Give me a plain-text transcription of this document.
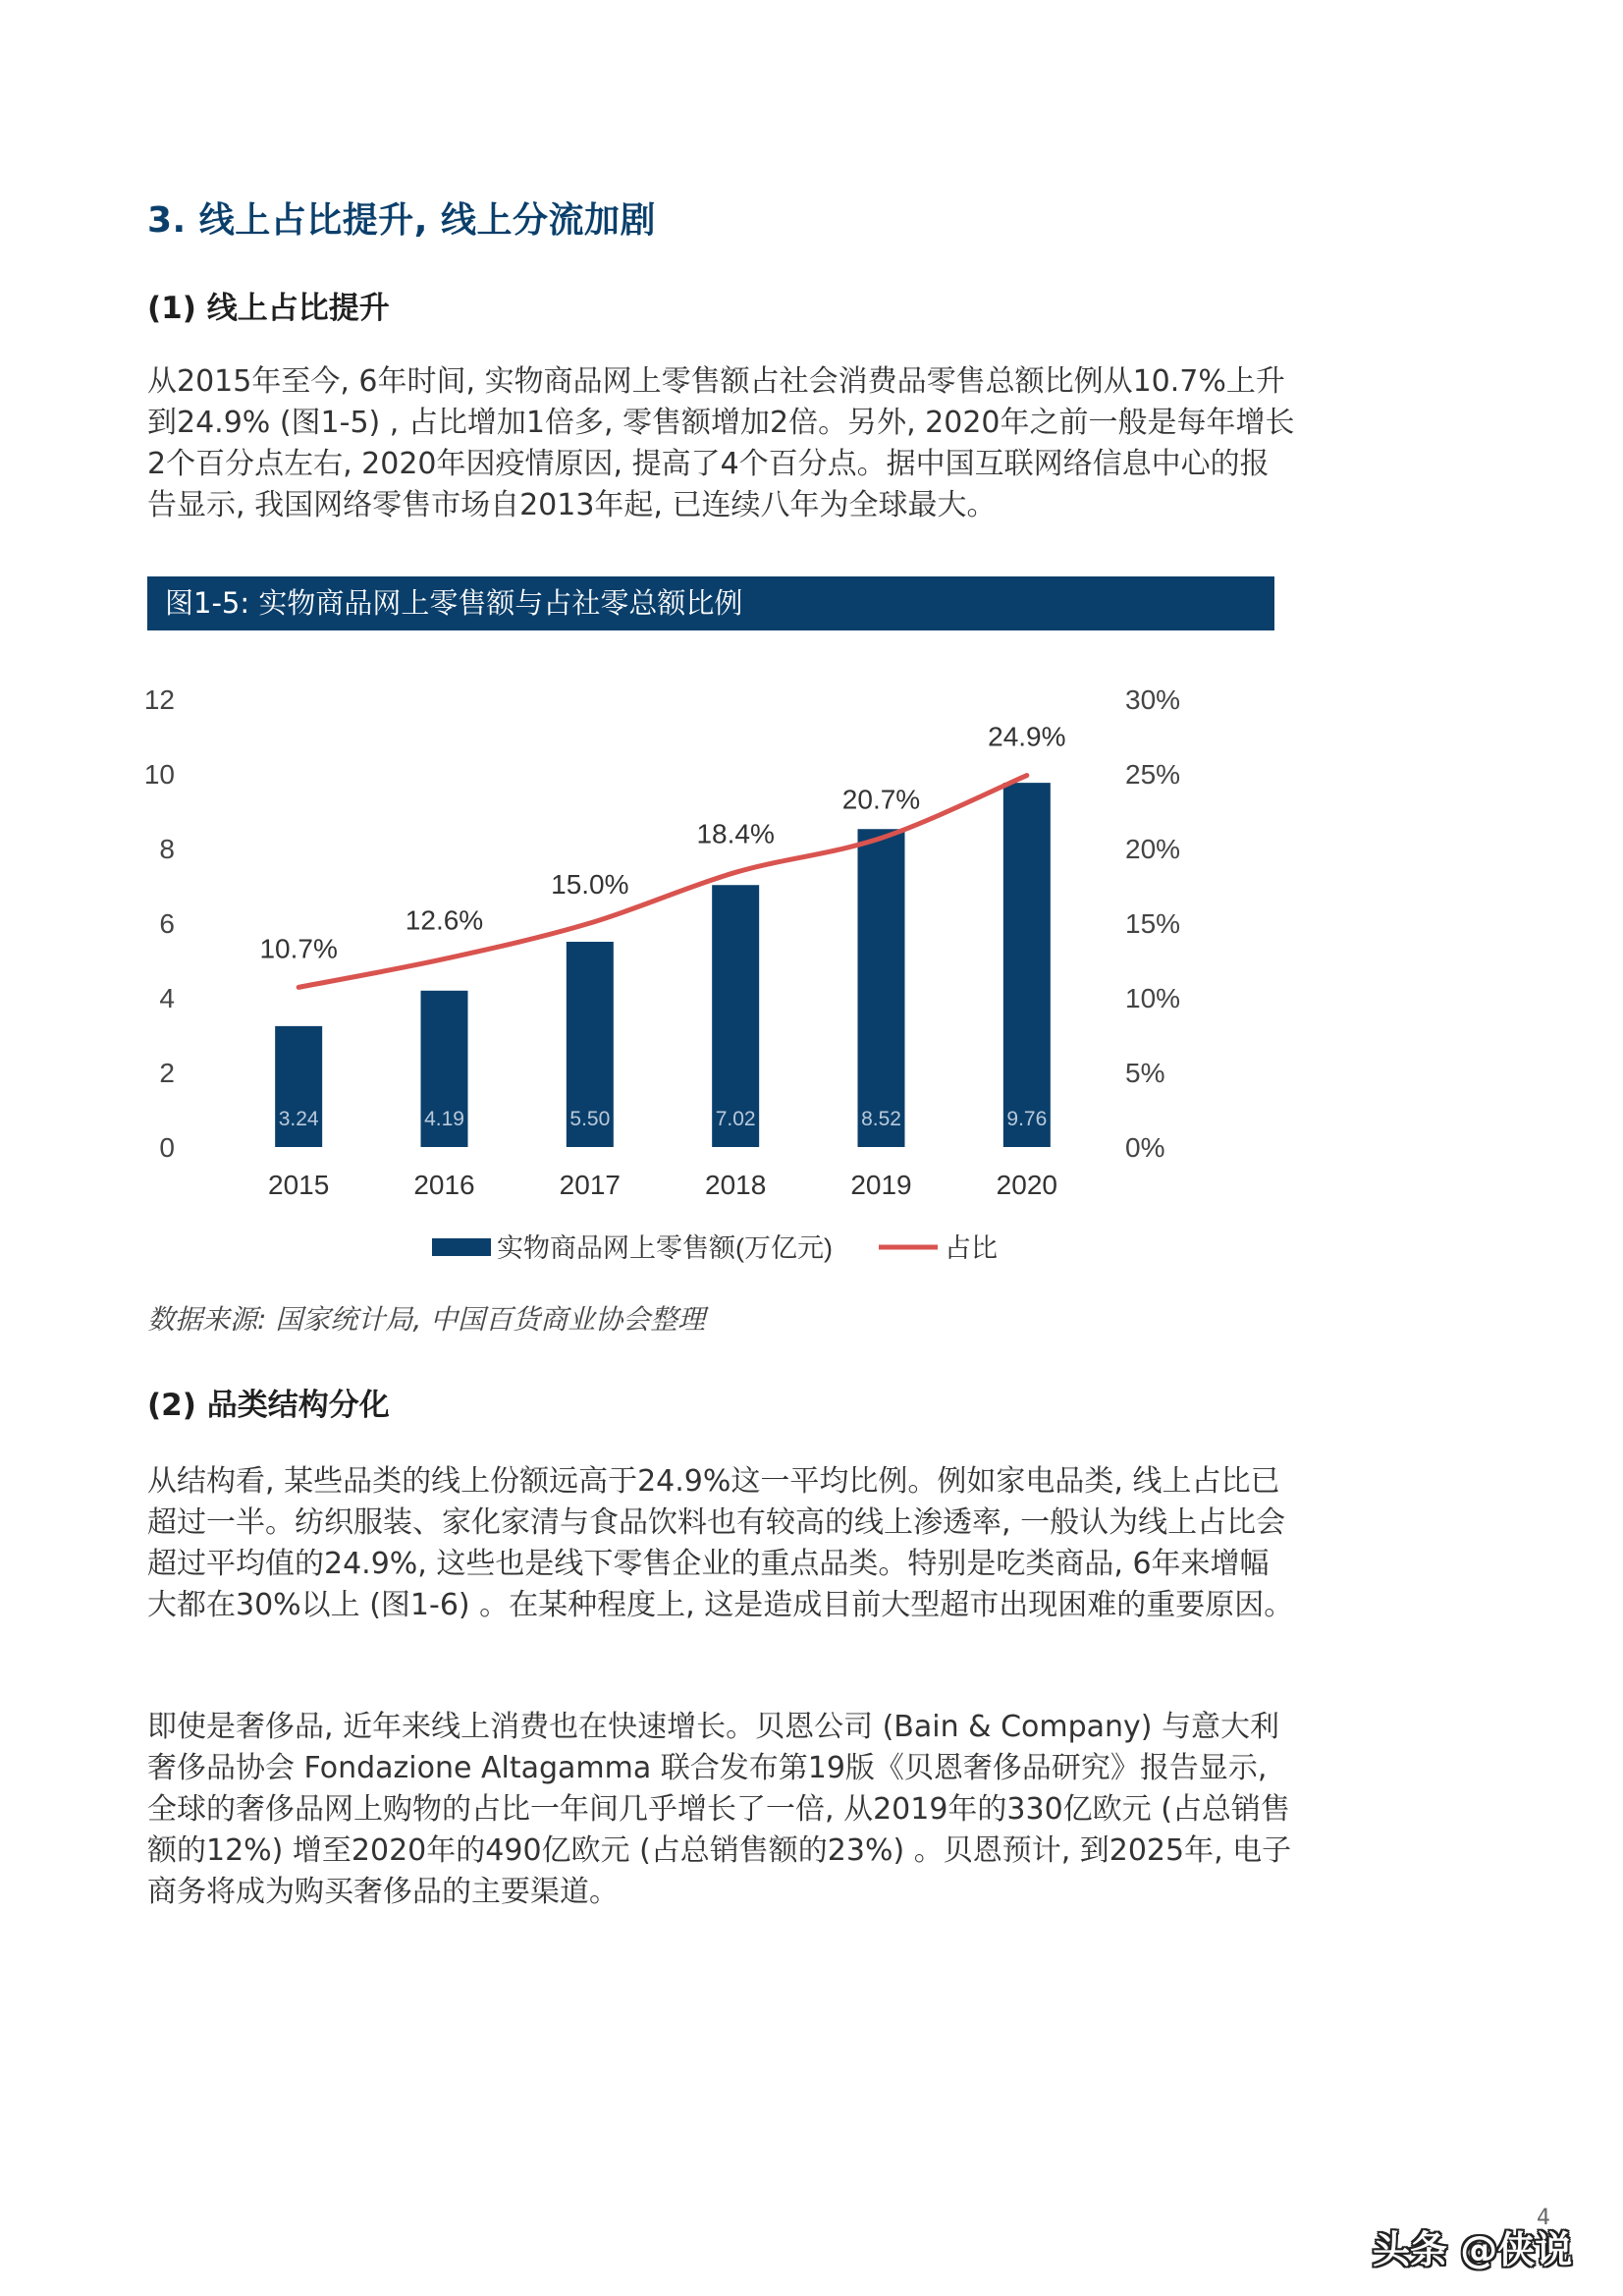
3. 线上占比提升, 线上分流加剧
(1) 线上占比提升

从2015年至今, 6年时间, 实物商品网上零售额占社会消费品零售总额比例从10.7%上升到24.9% (图1-5) , 占比增加1倍多, 零售额增加2倍。另外, 2020年之前一般是每年增长2个百分点左右, 2020年因疫情原因, 提高了4个百分点。据中国互联网络信息中心的报告显示, 我国网络零售市场自2013年起, 已连续八年为全球最大。

图1-5: 实物商品网上零售额与占社零总额比例
0
2
4
6
8
10
12
0%
5%
10%
15%
20%
25%
30%
3.24
2015
4.19
2016
5.50
2017
7.02
2018
8.52
2019
9.76
2020
10.7%
12.6%
15.0%
18.4%
20.7%
24.9%
实物商品网上零售额(万亿元)	占比

数据来源: 国家统计局, 中国百货商业协会整理

(2) 品类结构分化

从结构看, 某些品类的线上份额远高于24.9%这一平均比例。例如家电品类, 线上占比已超过一半。纺织服装、家化家清与食品饮料也有较高的线上渗透率, 一般认为线上占比会超过平均值的24.9%, 这些也是线下零售企业的重点品类。特别是吃类商品, 6年来增幅大都在30%以上 (图1-6) 。在某种程度上, 这是造成目前大型超市出现困难的重要原因。

即使是奢侈品, 近年来线上消费也在快速增长。贝恩公司 (Bain & Company) 与意大利奢侈品协会 Fondazione Altagamma 联合发布第19版《贝恩奢侈品研究》报告显示, 全球的奢侈品网上购物的占比一年间几乎增长了一倍, 从2019年的330亿欧元 (占总销售额的12%) 增至2020年的490亿欧元 (占总销售额的23%) 。贝恩预计, 到2025年, 电子商务将成为购买奢侈品的主要渠道。

4
头条 @侠说
